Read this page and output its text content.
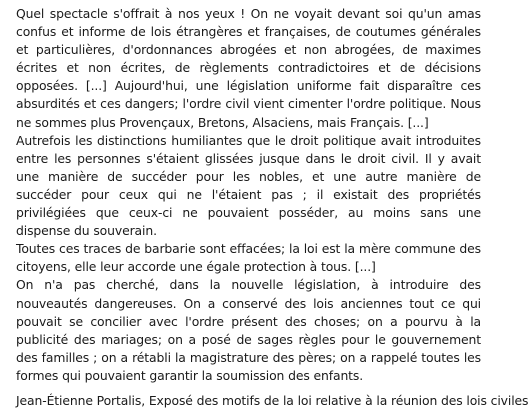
Quel spectacle s'offrait à nos yeux ! On ne voyait devant soi qu'un amas confus et informe de lois étrangères et françaises, de coutumes générales et particulières, d'ordonnances abrogées et non abrogées, de maximes écrites et non écrites, de règlements contradictoires et de décisions opposées. [...] Aujourd'hui, une législation uniforme fait disparaître ces absurdités et ces dangers; l'ordre civil vient cimenter l'ordre politique. Nous ne sommes plus Provençaux, Bretons, Alsaciens, mais Français. [...]

Autrefois les distinctions humiliantes que le droit politique avait introduites entre les personnes s'étaient glissées jusque dans le droit civil. Il y avait une manière de succéder pour les nobles, et une autre manière de succéder pour ceux qui ne l'étaient pas ; il existait des propriétés privilégiées que ceux-ci ne pouvaient posséder, au moins sans une dispense du souverain.

Toutes ces traces de barbarie sont effacées; la loi est la mère commune des citoyens, elle leur accorde une égale protection à tous. [...]

On n'a pas cherché, dans la nouvelle législation, à introduire des nouveautés dangereuses. On a conservé des lois anciennes tout ce qui pouvait se concilier avec l'ordre présent des choses; on a pourvu à la publicité des mariages; on a posé de sages règles pour le gouvernement des familles ; on a rétabli la magistrature des pères; on a rappelé toutes les formes qui pouvaient garantir la soumission des enfants.

Jean-Étienne Portalis, Exposé des motifs de la loi relative à la réunion des lois civiles
